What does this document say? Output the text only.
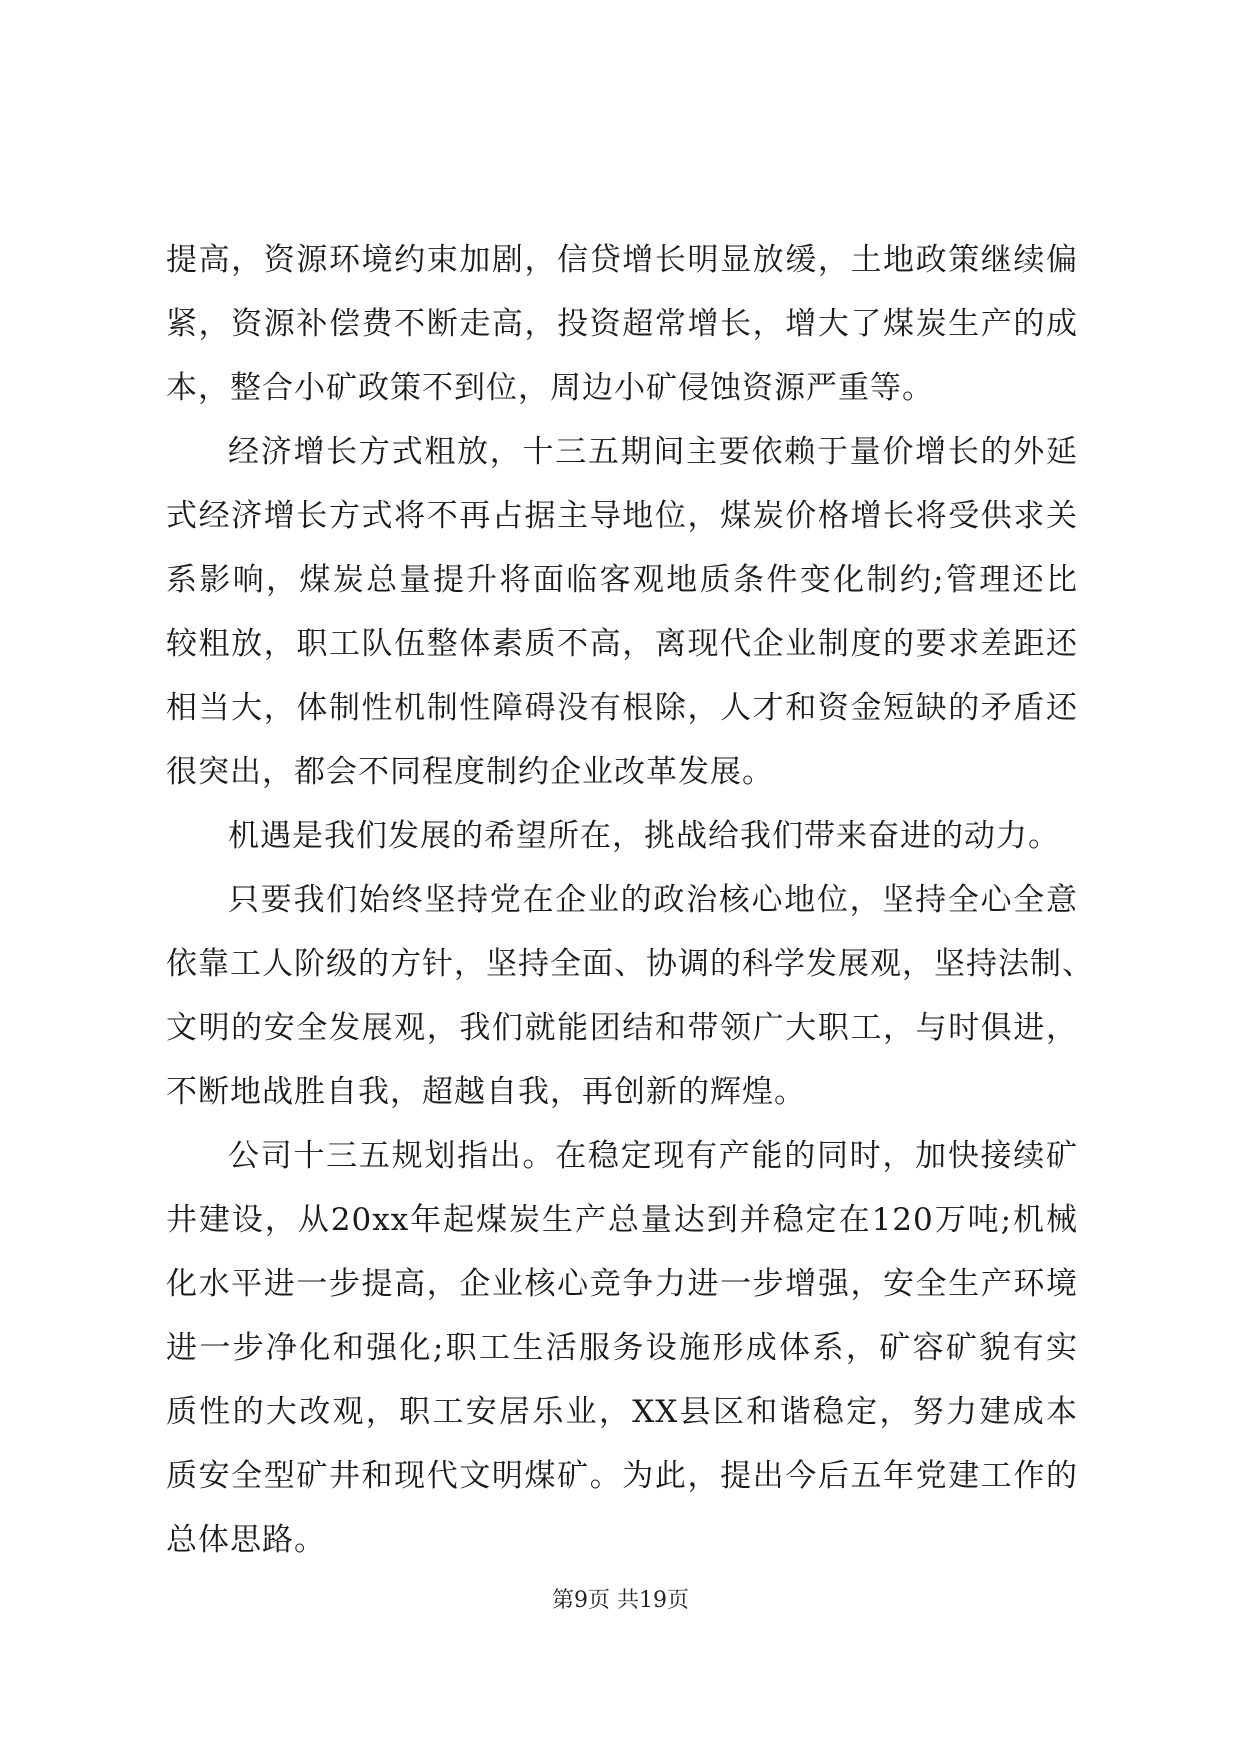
提高，资源环境约束加剧，信贷增长明显放缓，土地政策继续偏
紧，资源补偿费不断走高，投资超常增长，增大了煤炭生产的成
本，整合小矿政策不到位，周边小矿侵蚀资源严重等。
经济增长方式粗放，十三五期间主要依赖于量价增长的外延
式经济增长方式将不再占据主导地位，煤炭价格增长将受供求关
系影响，煤炭总量提升将面临客观地质条件变化制约;管理还比
较粗放，职工队伍整体素质不高，离现代企业制度的要求差距还
相当大，体制性机制性障碍没有根除，人才和资金短缺的矛盾还
很突出，都会不同程度制约企业改革发展。
机遇是我们发展的希望所在，挑战给我们带来奋进的动力。
只要我们始终坚持党在企业的政治核心地位，坚持全心全意
依靠工人阶级的方针，坚持全面、协调的科学发展观，坚持法制、
文明的安全发展观，我们就能团结和带领广大职工，与时俱进，
不断地战胜自我，超越自我，再创新的辉煌。
公司十三五规划指出。在稳定现有产能的同时，加快接续矿
井建设，从20xx年起煤炭生产总量达到并稳定在120万吨;机械
化水平进一步提高，企业核心竞争力进一步增强，安全生产环境
进一步净化和强化;职工生活服务设施形成体系，矿容矿貌有实
质性的大改观，职工安居乐业，XX县区和谐稳定，努力建成本
质安全型矿井和现代文明煤矿。为此，提出今后五年党建工作的
总体思路。
第9页 共19页
